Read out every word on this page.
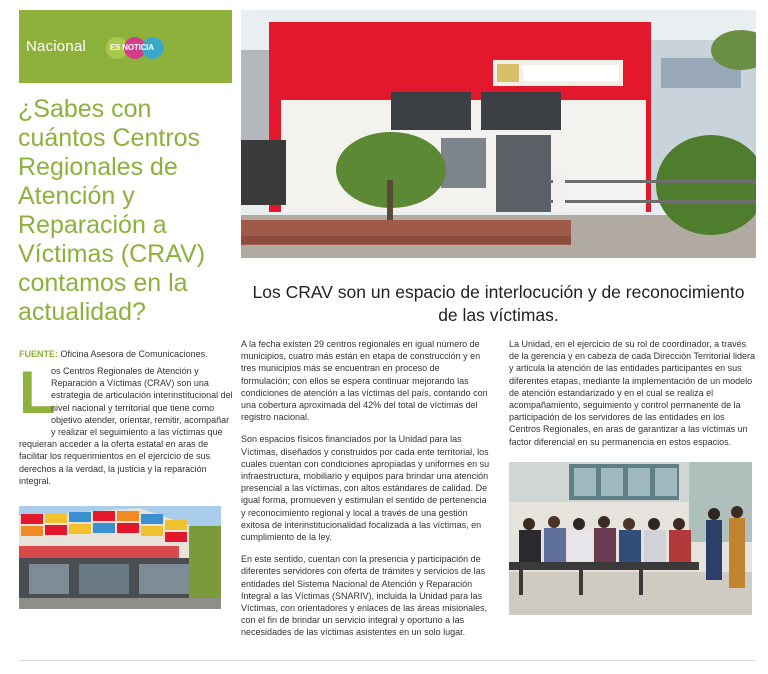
Nacional	ES NOTICIA
¿Sabes con cuántos Centros Regionales de Atención y Reparación a Víctimas (CRAV) contamos en la actualidad?
FUENTE: Oficina Asesora de Comunicaciones.
L
os Centros Regionales de Atención y Reparación a Víctimas (CRAV) son una estrategia de articulación interinstitucional del nivel nacional y territorial que tiene como objetivo atender, orientar, remitir, acompañar y realizar el seguimiento a las víctimas que requieran acceder a la oferta estatal en aras de facilitar los requerimientos en el ejercicio de sus derechos a la verdad, la justicia y la reparación integral.
Los CRAV son un espacio de interlocución y de reconocimiento de las víctimas.

A la fecha existen 29 centros regionales en igual número de municipios, cuatro más están en etapa de construcción y en tres municipios más se encuentran en proceso de formulación; con ellos se espera continuar mejorando las condiciones de atención a las víctimas del país, contando con una cobertura aproximada del 42% del total de víctimas del registro nacional.

Son espacios físicos financiados por la Unidad para las Víctimas, diseñados y construidos por cada ente territorial, los cuales cuentan con condiciones apropiadas y uniformes en su infraestructura, mobiliario y equipos para brindar una atención presencial a las víctimas, con altos estándares de calidad. De igual forma, promueven y estimulan el sentido de pertenencia y reconocimiento regional y local a través de una gestión exitosa de interinstitucionalidad focalizada a las víctimas, en cumplimiento de la ley.

En este sentido, cuentan con la presencia y participación de diferentes servidores con oferta de trámites y servicios de las entidades del Sistema Nacional de Atención y Reparación Integral a las Víctimas (SNARIV), incluida la Unidad para las Víctimas, con orientadores y enlaces de las áreas misionales, con el fin de brindar un servicio integral y oportuno a las necesidades de las víctimas asistentes en un solo lugar.

La Unidad, en el ejercicio de su rol de coordinador, a través de la gerencia y en cabeza de cada Dirección Territorial lidera y articula la atención de las entidades participantes en sus diferentes etapas, mediante la implementación de un modelo de atención estandarizado y en el cual se realiza el acompañamiento, seguimiento y control permanente de la participación de los servidores de las entidades en los Centros Regionales, en aras de garantizar a las víctimas un factor diferencial en su permanencia en estos espacios.
